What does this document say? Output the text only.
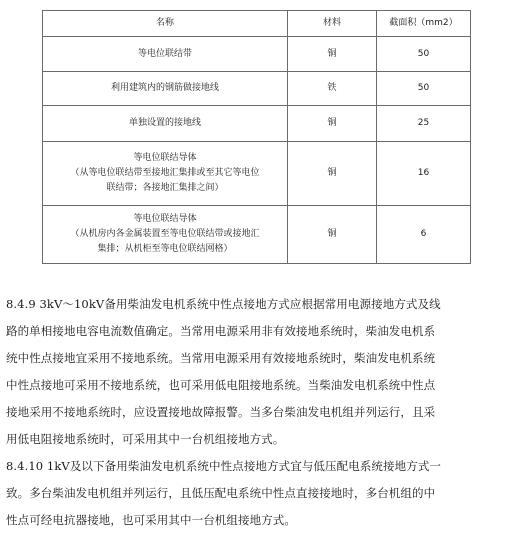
名称	材料	截面积（mm2）
等电位联结带	铜	50
利用建筑内的钢筋做接地线	铁	50
单独设置的接地线	铜	25

等电位联结导体
（从等电位联结带至接地汇集排或至其它等电位
联结带；各接地汇集排之间）	铜	16

等电位联结导体
（从机房内各金属装置至等电位联结带或接地汇
集排；从机柜至等电位联结网格）	铜	6

8.4.9 3kV～10kV备用柴油发电机系统中性点接地方式应根据常用电源接地方式及线
路的单相接地电容电流数值确定。当常用电源采用非有效接地系统时，柴油发电机系
统中性点接地宜采用不接地系统。当常用电源采用有效接地系统时，柴油发电机系统
中性点接地可采用不接地系统，也可采用低电阻接地系统。当柴油发电机系统中性点
接地采用不接地系统时，应设置接地故障报警。当多台柴油发电机组并列运行，且采
用低电阻接地系统时，可采用其中一台机组接地方式。

8.4.10 1kV及以下备用柴油发电机系统中性点接地方式宜与低压配电系统接地方式一
致。多台柴油发电机组并列运行，且低压配电系统中性点直接接地时，多台机组的中
性点可经电抗器接地，也可采用其中一台机组接地方式。
